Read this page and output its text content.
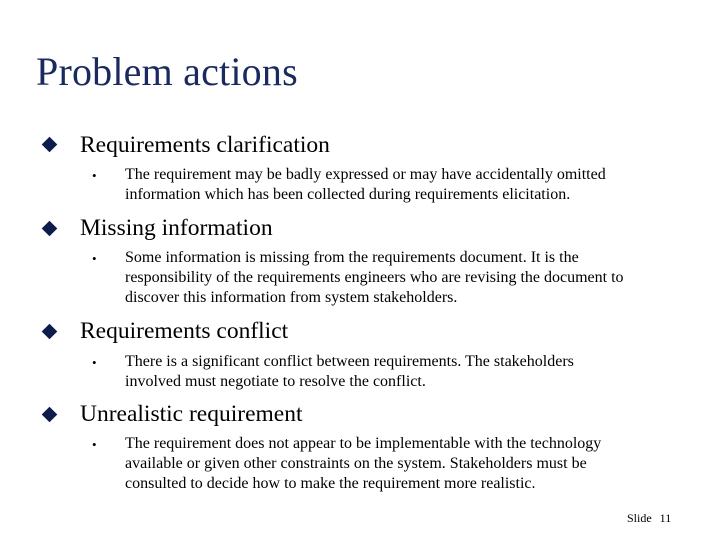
Problem actions
Requirements clarification
• The requirement may be badly expressed or may have accidentally omitted
information which has been collected during requirements elicitation.
Missing information
• Some information is missing from the requirements document. It is the
responsibility of the requirements engineers who are revising the document to
discover this information from system stakeholders.
Requirements conflict
• There is a significant conflict between requirements. The stakeholders
involved must negotiate to resolve the conflict.
Unrealistic requirement
• The requirement does not appear to be implementable with the technology
available or given other constraints on the system. Stakeholders must be
consulted to decide how to make the requirement more realistic.
Slide 11
